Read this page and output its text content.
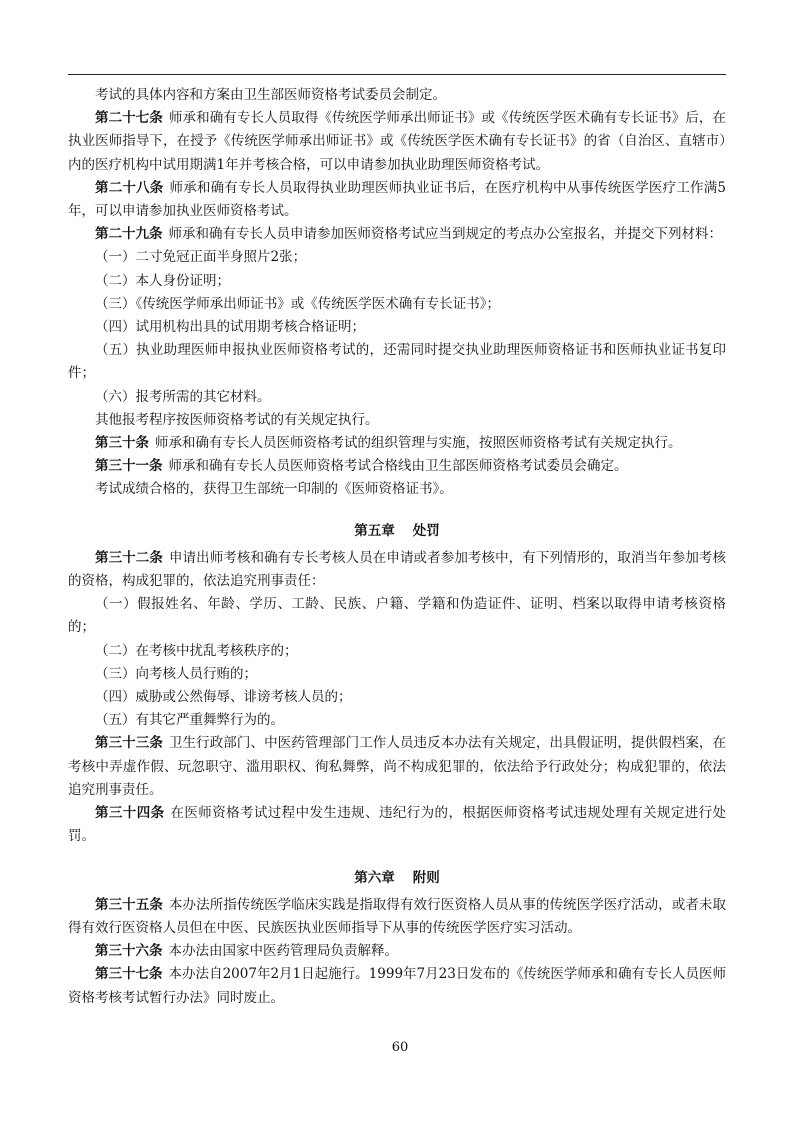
考试的具体内容和方案由卫生部医师资格考试委员会制定。

第二十七条 师承和确有专长人员取得《传统医学师承出师证书》或《传统医学医术确有专长证书》后，在执业医师指导下，在授予《传统医学师承出师证书》或《传统医学医术确有专长证书》的省（自治区、直辖市）内的医疗机构中试用期满1年并考核合格，可以申请参加执业助理医师资格考试。

第二十八条 师承和确有专长人员取得执业助理医师执业证书后，在医疗机构中从事传统医学医疗工作满5年，可以申请参加执业医师资格考试。

第二十九条 师承和确有专长人员申请参加医师资格考试应当到规定的考点办公室报名，并提交下列材料：

（一）二寸免冠正面半身照片2张；

（二）本人身份证明；

（三）《传统医学师承出师证书》或《传统医学医术确有专长证书》；

（四）试用机构出具的试用期考核合格证明；

（五）执业助理医师申报执业医师资格考试的，还需同时提交执业助理医师资格证书和医师执业证书复印件；

（六）报考所需的其它材料。

其他报考程序按医师资格考试的有关规定执行。

第三十条 师承和确有专长人员医师资格考试的组织管理与实施，按照医师资格考试有关规定执行。

第三十一条 师承和确有专长人员医师资格考试合格线由卫生部医师资格考试委员会确定。

考试成绩合格的，获得卫生部统一印制的《医师资格证书》。

第五章 处罚

第三十二条 申请出师考核和确有专长考核人员在申请或者参加考核中，有下列情形的，取消当年参加考核的资格，构成犯罪的，依法追究刑事责任：

（一）假报姓名、年龄、学历、工龄、民族、户籍、学籍和伪造证件、证明、档案以取得申请考核资格的；

（二）在考核中扰乱考核秩序的；

（三）向考核人员行贿的；

（四）威胁或公然侮辱、诽谤考核人员的；

（五）有其它严重舞弊行为的。

第三十三条 卫生行政部门、中医药管理部门工作人员违反本办法有关规定，出具假证明，提供假档案，在考核中弄虚作假、玩忽职守、滥用职权、徇私舞弊，尚不构成犯罪的，依法给予行政处分；构成犯罪的，依法追究刑事责任。

第三十四条 在医师资格考试过程中发生违规、违纪行为的，根据医师资格考试违规处理有关规定进行处罚。

第六章 附则

第三十五条 本办法所指传统医学临床实践是指取得有效行医资格人员从事的传统医学医疗活动，或者未取得有效行医资格人员但在中医、民族医执业医师指导下从事的传统医学医疗实习活动。

第三十六条 本办法由国家中医药管理局负责解释。

第三十七条 本办法自2007年2月1日起施行。1999年7月23日发布的《传统医学师承和确有专长人员医师资格考核考试暂行办法》同时废止。

60
